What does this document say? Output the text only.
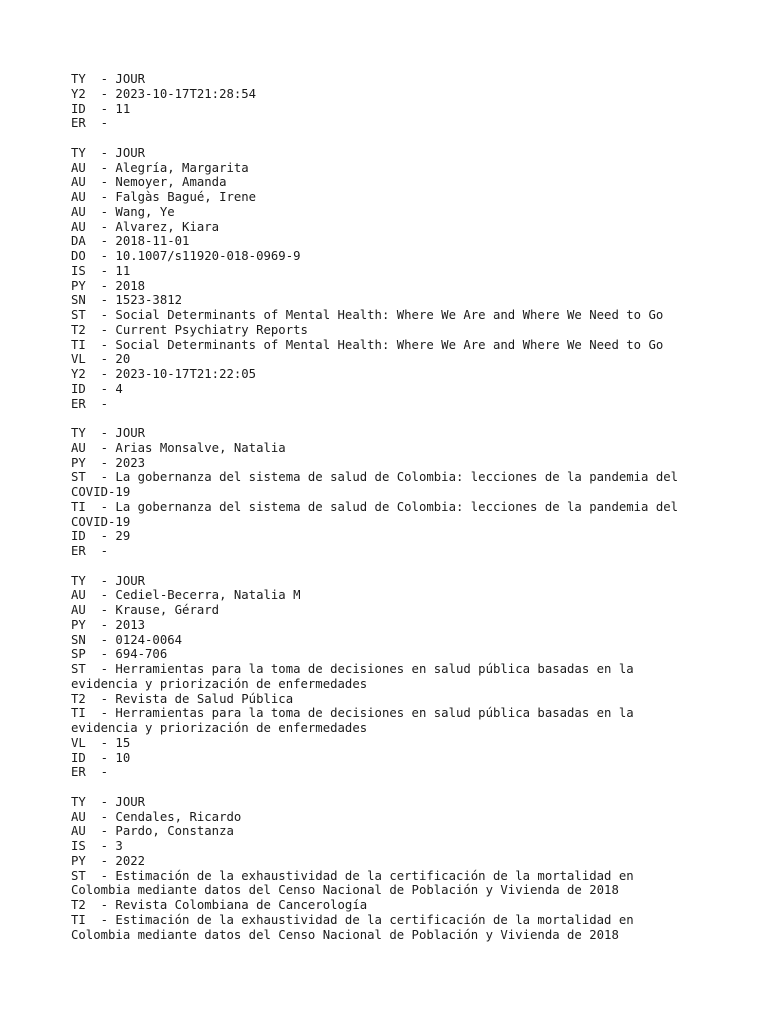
TY  - JOUR
Y2  - 2023-10-17T21:28:54
ID  - 11
ER  -
TY  - JOUR
AU  - Alegría, Margarita
AU  - Nemoyer, Amanda
AU  - Falgàs Bagué, Irene
AU  - Wang, Ye
AU  - Alvarez, Kiara
DA  - 2018-11-01
DO  - 10.1007/s11920-018-0969-9
IS  - 11
PY  - 2018
SN  - 1523-3812
ST  - Social Determinants of Mental Health: Where We Are and Where We Need to Go
T2  - Current Psychiatry Reports
TI  - Social Determinants of Mental Health: Where We Are and Where We Need to Go
VL  - 20
Y2  - 2023-10-17T21:22:05
ID  - 4
ER  -
TY  - JOUR
AU  - Arias Monsalve, Natalia
PY  - 2023
ST  - La gobernanza del sistema de salud de Colombia: lecciones de la pandemia del
COVID-19
TI  - La gobernanza del sistema de salud de Colombia: lecciones de la pandemia del
COVID-19
ID  - 29
ER  -
TY  - JOUR
AU  - Cediel-Becerra, Natalia M
AU  - Krause, Gérard
PY  - 2013
SN  - 0124-0064
SP  - 694-706
ST  - Herramientas para la toma de decisiones en salud pública basadas en la
evidencia y priorización de enfermedades
T2  - Revista de Salud Pública
TI  - Herramientas para la toma de decisiones en salud pública basadas en la
evidencia y priorización de enfermedades
VL  - 15
ID  - 10
ER  -
TY  - JOUR
AU  - Cendales, Ricardo
AU  - Pardo, Constanza
IS  - 3
PY  - 2022
ST  - Estimación de la exhaustividad de la certificación de la mortalidad en
Colombia mediante datos del Censo Nacional de Población y Vivienda de 2018
T2  - Revista Colombiana de Cancerología
TI  - Estimación de la exhaustividad de la certificación de la mortalidad en
Colombia mediante datos del Censo Nacional de Población y Vivienda de 2018
